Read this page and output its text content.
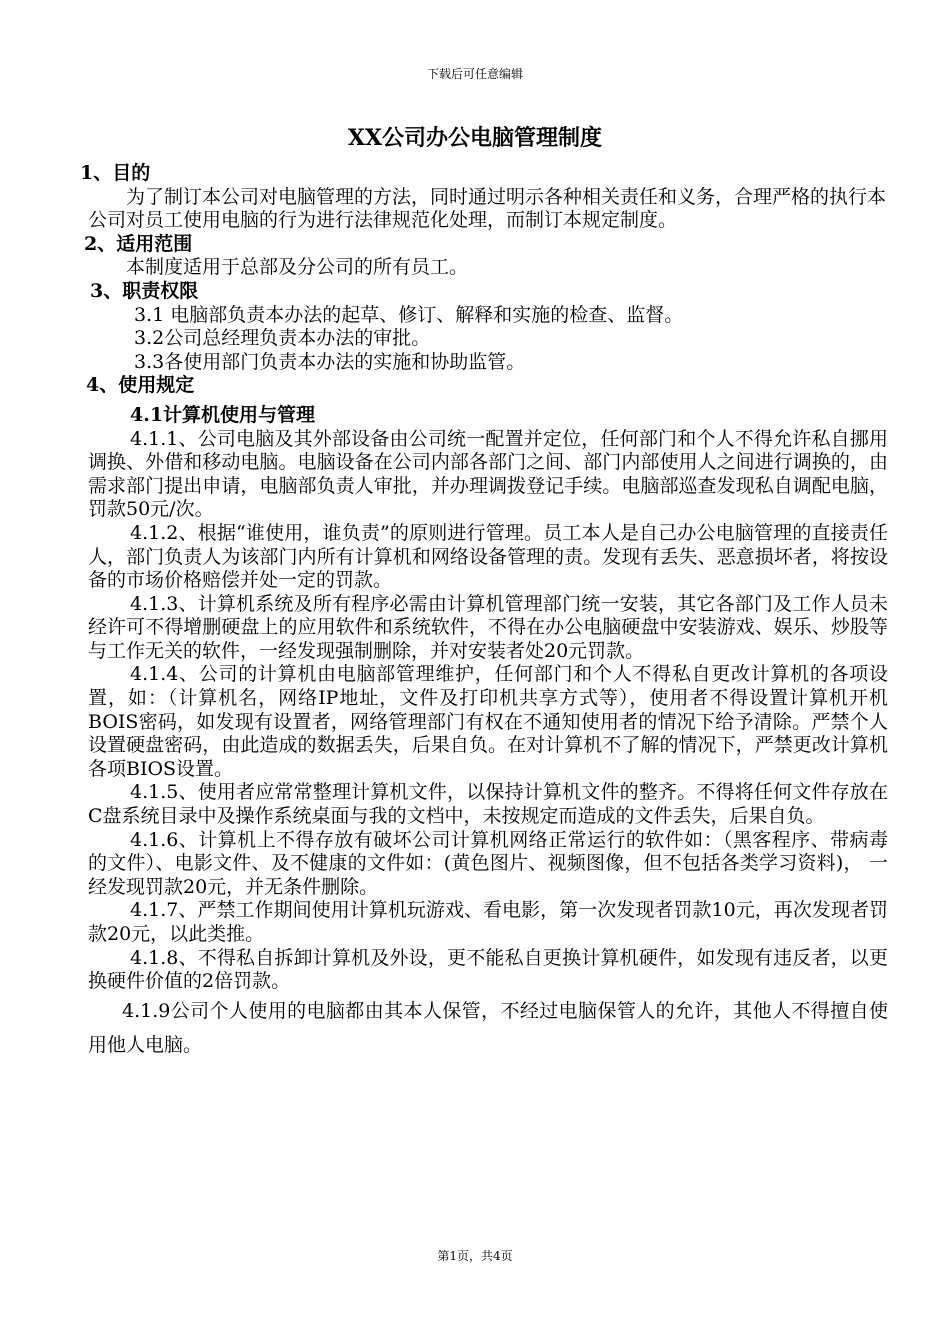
下载后可任意编辑
XX公司办公电脑管理制度

1、目的

为了制订本公司对电脑管理的方法，同时通过明示各种相关责任和义务，合理严格的执行本公司对员工使用电脑的行为进行法律规范化处理，而制订本规定制度。

2、适用范围

本制度适用于总部及分公司的所有员工。

3、职责权限

3.1 电脑部负责本办法的起草、修订、解释和实施的检查、监督。

3.2公司总经理负责本办法的审批。

3.3各使用部门负责本办法的实施和协助监管。

4、使用规定

4.1计算机使用与管理

4.1.1、公司电脑及其外部设备由公司统一配置并定位，任何部门和个人不得允许私自挪用调换、外借和移动电脑。电脑设备在公司内部各部门之间、部门内部使用人之间进行调换的，由需求部门提出申请，电脑部负责人审批，并办理调拨登记手续。电脑部巡查发现私自调配电脑，罚款50元/次。

4.1.2、根据“谁使用，谁负责”的原则进行管理。员工本人是自己办公电脑管理的直接责任人，部门负责人为该部门内所有计算机和网络设备管理的责。发现有丢失、恶意损坏者，将按设备的市场价格赔偿并处一定的罚款。

4.1.3、计算机系统及所有程序必需由计算机管理部门统一安装，其它各部门及工作人员未经许可不得增删硬盘上的应用软件和系统软件，不得在办公电脑硬盘中安装游戏、娱乐、炒股等与工作无关的软件，一经发现强制删除，并对安装者处20元罚款。

4.1.4、公司的计算机由电脑部管理维护，任何部门和个人不得私自更改计算机的各项设置，如：（计算机名，网络IP地址，文件及打印机共享方式等），使用者不得设置计算机开机BOIS密码，如发现有设置者，网络管理部门有权在不通知使用者的情况下给予清除。严禁个人设置硬盘密码，由此造成的数据丢失，后果自负。在对计算机不了解的情况下，严禁更改计算机各项BIOS设置。

4.1.5、使用者应常常整理计算机文件，以保持计算机文件的整齐。不得将任何文件存放在C盘系统目录中及操作系统桌面与我的文档中，未按规定而造成的文件丢失，后果自负。

4.1.6、计算机上不得存放有破坏公司计算机网络正常运行的软件如：（黑客程序、带病毒的文件）、电影文件、及不健康的文件如：(黄色图片、视频图像，但不包括各类学习资料)， 一经发现罚款20元，并无条件删除。

4.1.7、严禁工作期间使用计算机玩游戏、看电影，第一次发现者罚款10元，再次发现者罚款20元，以此类推。

4.1.8、不得私自拆卸计算机及外设，更不能私自更换计算机硬件，如发现有违反者，以更换硬件价值的2倍罚款。

4.1.9公司个人使用的电脑都由其本人保管，不经过电脑保管人的允许，其他人不得擅自使用他人电脑。

第1页，共4页
